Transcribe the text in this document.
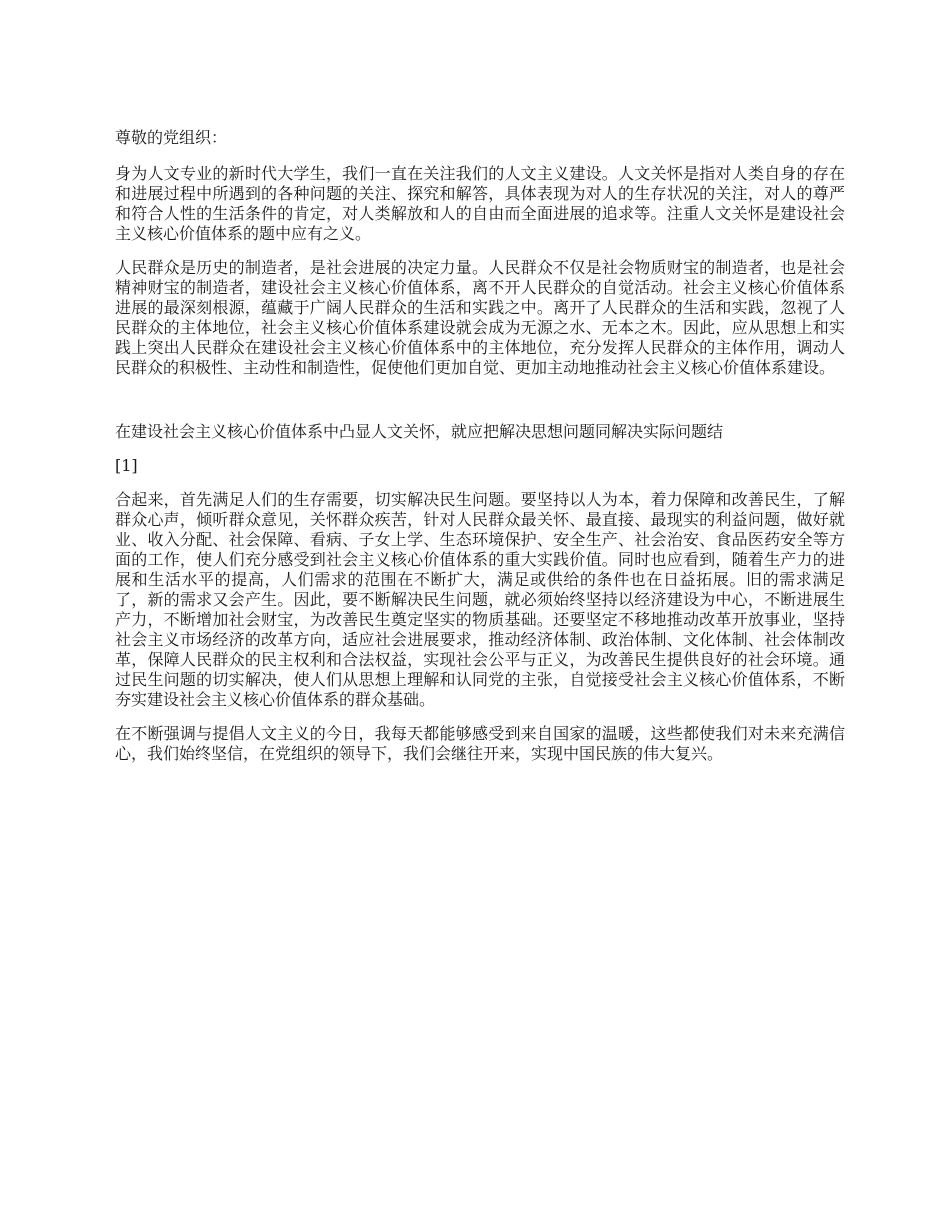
尊敬的党组织：

身为人文专业的新时代大学生，我们一直在关注我们的人文主义建设。人文关怀是指对人类自身的存在和进展过程中所遇到的各种问题的关注、探究和解答，具体表现为对人的生存状况的关注，对人的尊严和符合人性的生活条件的肯定，对人类解放和人的自由而全面进展的追求等。注重人文关怀是建设社会主义核心价值体系的题中应有之义。

人民群众是历史的制造者，是社会进展的决定力量。人民群众不仅是社会物质财宝的制造者，也是社会精神财宝的制造者，建设社会主义核心价值体系，离不开人民群众的自觉活动。社会主义核心价值体系进展的最深刻根源，蕴藏于广阔人民群众的生活和实践之中。离开了人民群众的生活和实践，忽视了人民群众的主体地位，社会主义核心价值体系建设就会成为无源之水、无本之木。因此，应从思想上和实践上突出人民群众在建设社会主义核心价值体系中的主体地位，充分发挥人民群众的主体作用，调动人民群众的积极性、主动性和制造性，促使他们更加自觉、更加主动地推动社会主义核心价值体系建设。

在建设社会主义核心价值体系中凸显人文关怀，就应把解决思想问题同解决实际问题结

[1]

合起来，首先满足人们的生存需要，切实解决民生问题。要坚持以人为本，着力保障和改善民生，了解群众心声，倾听群众意见，关怀群众疾苦，针对人民群众最关怀、最直接、最现实的利益问题，做好就业、收入分配、社会保障、看病、子女上学、生态环境保护、安全生产、社会治安、食品医药安全等方面的工作，使人们充分感受到社会主义核心价值体系的重大实践价值。同时也应看到，随着生产力的进展和生活水平的提高，人们需求的范围在不断扩大，满足或供给的条件也在日益拓展。旧的需求满足了，新的需求又会产生。因此，要不断解决民生问题，就必须始终坚持以经济建设为中心，不断进展生产力，不断增加社会财宝，为改善民生奠定坚实的物质基础。还要坚定不移地推动改革开放事业，坚持社会主义市场经济的改革方向，适应社会进展要求，推动经济体制、政治体制、文化体制、社会体制改革，保障人民群众的民主权利和合法权益，实现社会公平与正义，为改善民生提供良好的社会环境。通过民生问题的切实解决，使人们从思想上理解和认同党的主张，自觉接受社会主义核心价值体系，不断夯实建设社会主义核心价值体系的群众基础。

在不断强调与提倡人文主义的今日，我每天都能够感受到来自国家的温暖，这些都使我们对未来充满信心，我们始终坚信，在党组织的领导下，我们会继往开来，实现中国民族的伟大复兴。
